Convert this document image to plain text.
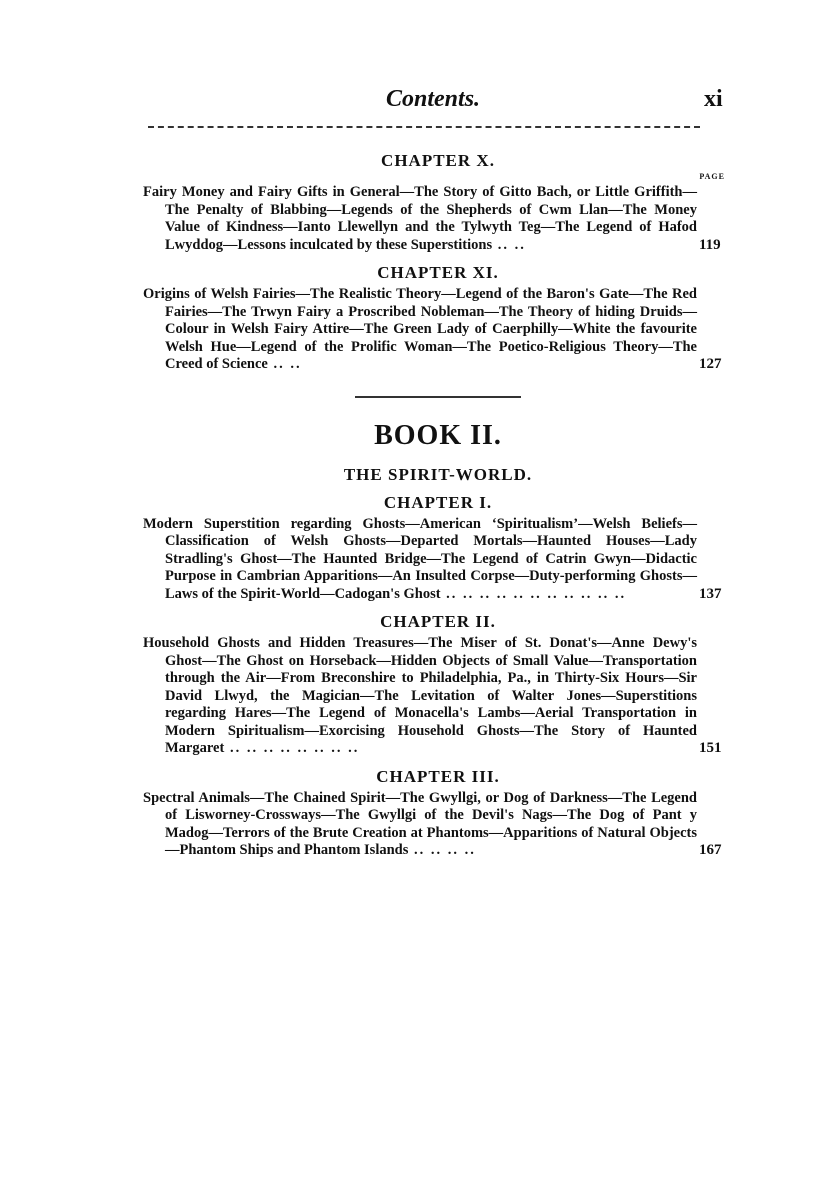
Contents.	xi

CHAPTER X.

PAGE

Fairy Money and Fairy Gifts in General—The Story of Gitto Bach, or Little Griffith—The Penalty of Blabbing—Legends of the Shepherds of Cwm Llan—The Money Value of Kindness—Ianto Llewellyn and the Tylwyth Teg—The Legend of Hafod Lwyddog—Lessons inculcated by these Superstitions .. ..	119

CHAPTER XI.

Origins of Welsh Fairies—The Realistic Theory—Legend of the Baron's Gate—The Red Fairies—The Trwyn Fairy a Proscribed Nobleman—The Theory of hiding Druids—Colour in Welsh Fairy Attire—The Green Lady of Caerphilly—White the favourite Welsh Hue—Legend of the Prolific Woman—The Poetico-Religious Theory—The Creed of Science .. ..	127

BOOK II.

THE SPIRIT-WORLD.

CHAPTER I.

Modern Superstition regarding Ghosts—American ‘Spiritualism’—Welsh Beliefs—Classification of Welsh Ghosts—Departed Mortals—Haunted Houses—Lady Stradling's Ghost—The Haunted Bridge—The Legend of Catrin Gwyn—Didactic Purpose in Cambrian Apparitions—An Insulted Corpse—Duty-performing Ghosts—Laws of the Spirit-World—Cadogan's Ghost .. .. .. .. .. .. .. .. .. .. ..	137

CHAPTER II.

Household Ghosts and Hidden Treasures—The Miser of St. Donat's—Anne Dewy's Ghost—The Ghost on Horseback—Hidden Objects of Small Value—Transportation through the Air—From Breconshire to Philadelphia, Pa., in Thirty-Six Hours—Sir David Llwyd, the Magician—The Levitation of Walter Jones—Superstitions regarding Hares—The Legend of Monacella's Lambs—Aerial Transportation in Modern Spiritualism—Exorcising Household Ghosts—The Story of Haunted Margaret .. .. .. .. .. .. .. ..	151

CHAPTER III.

Spectral Animals—The Chained Spirit—The Gwyllgi, or Dog of Darkness—The Legend of Lisworney-Crossways—The Gwyllgi of the Devil's Nags—The Dog of Pant y Madog—Terrors of the Brute Creation at Phantoms—Apparitions of Natural Objects—Phantom Ships and Phantom Islands .. .. .. ..	167
